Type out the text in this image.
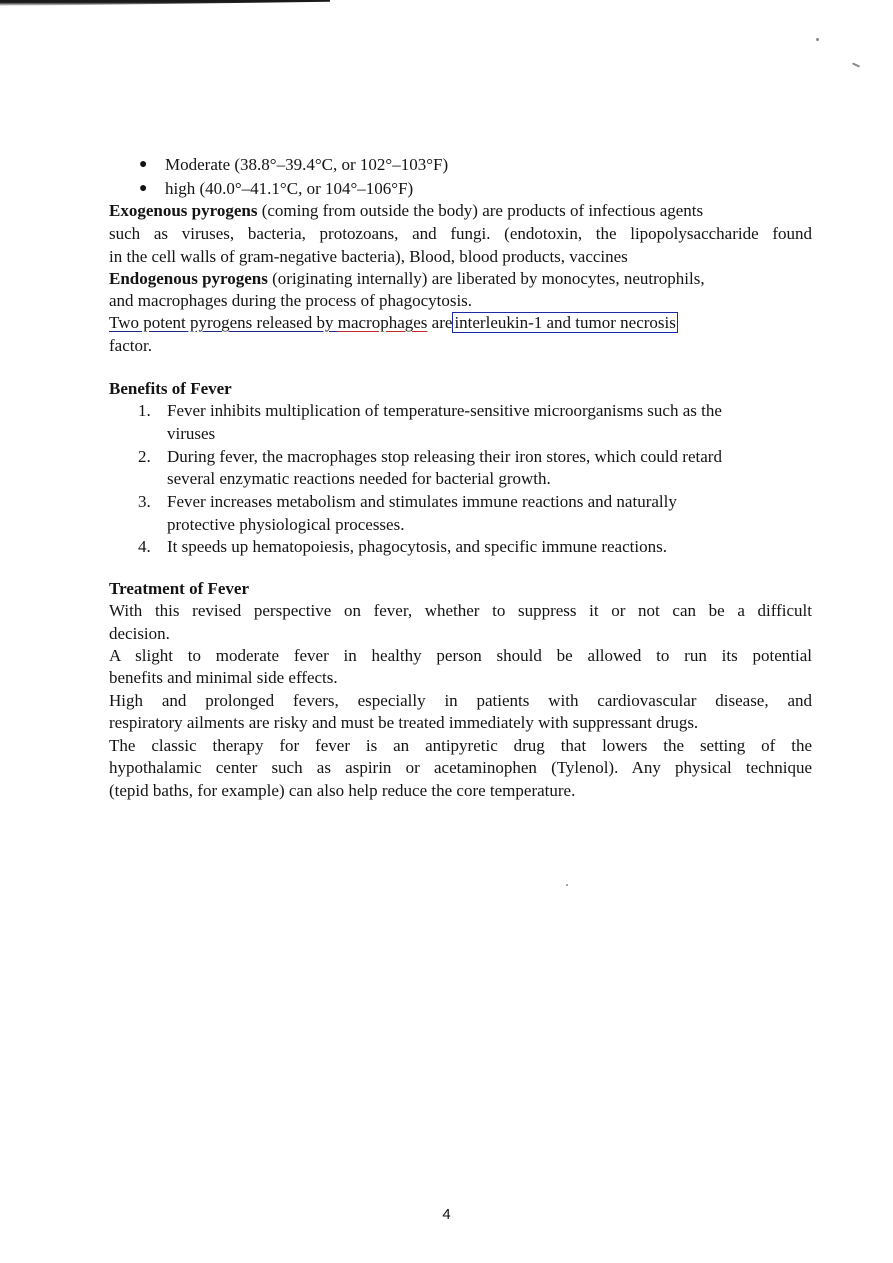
● Moderate (38.8°–39.4°C, or 102°–103°F)
● high (40.0°–41.1°C, or 104°–106°F)
Exogenous pyrogens (coming from outside the body) are products of infectious agents
such as viruses, bacteria, protozoans, and fungi. (endotoxin, the lipopolysaccharide found
in the cell walls of gram-negative bacteria), Blood, blood products, vaccines
Endogenous pyrogens (originating internally) are liberated by monocytes, neutrophils,
and macrophages during the process of phagocytosis.
Two potent pyrogens released by macrophages are interleukin-1 and tumor necrosis
factor.
Benefits of Fever
1. Fever inhibits multiplication of temperature-sensitive microorganisms such as the
viruses
2. During fever, the macrophages stop releasing their iron stores, which could retard
several enzymatic reactions needed for bacterial growth.
3. Fever increases metabolism and stimulates immune reactions and naturally
protective physiological processes.
4. It speeds up hematopoiesis, phagocytosis, and specific immune reactions.
Treatment of Fever
With this revised perspective on fever, whether to suppress it or not can be a difficult
decision.
A slight to moderate fever in healthy person should be allowed to run its potential
benefits and minimal side effects.
High and prolonged fevers, especially in patients with cardiovascular disease, and
respiratory ailments are risky and must be treated immediately with suppressant drugs.
The classic therapy for fever is an antipyretic drug that lowers the setting of the
hypothalamic center such as aspirin or acetaminophen (Tylenol). Any physical technique
(tepid baths, for example) can also help reduce the core temperature.
4
